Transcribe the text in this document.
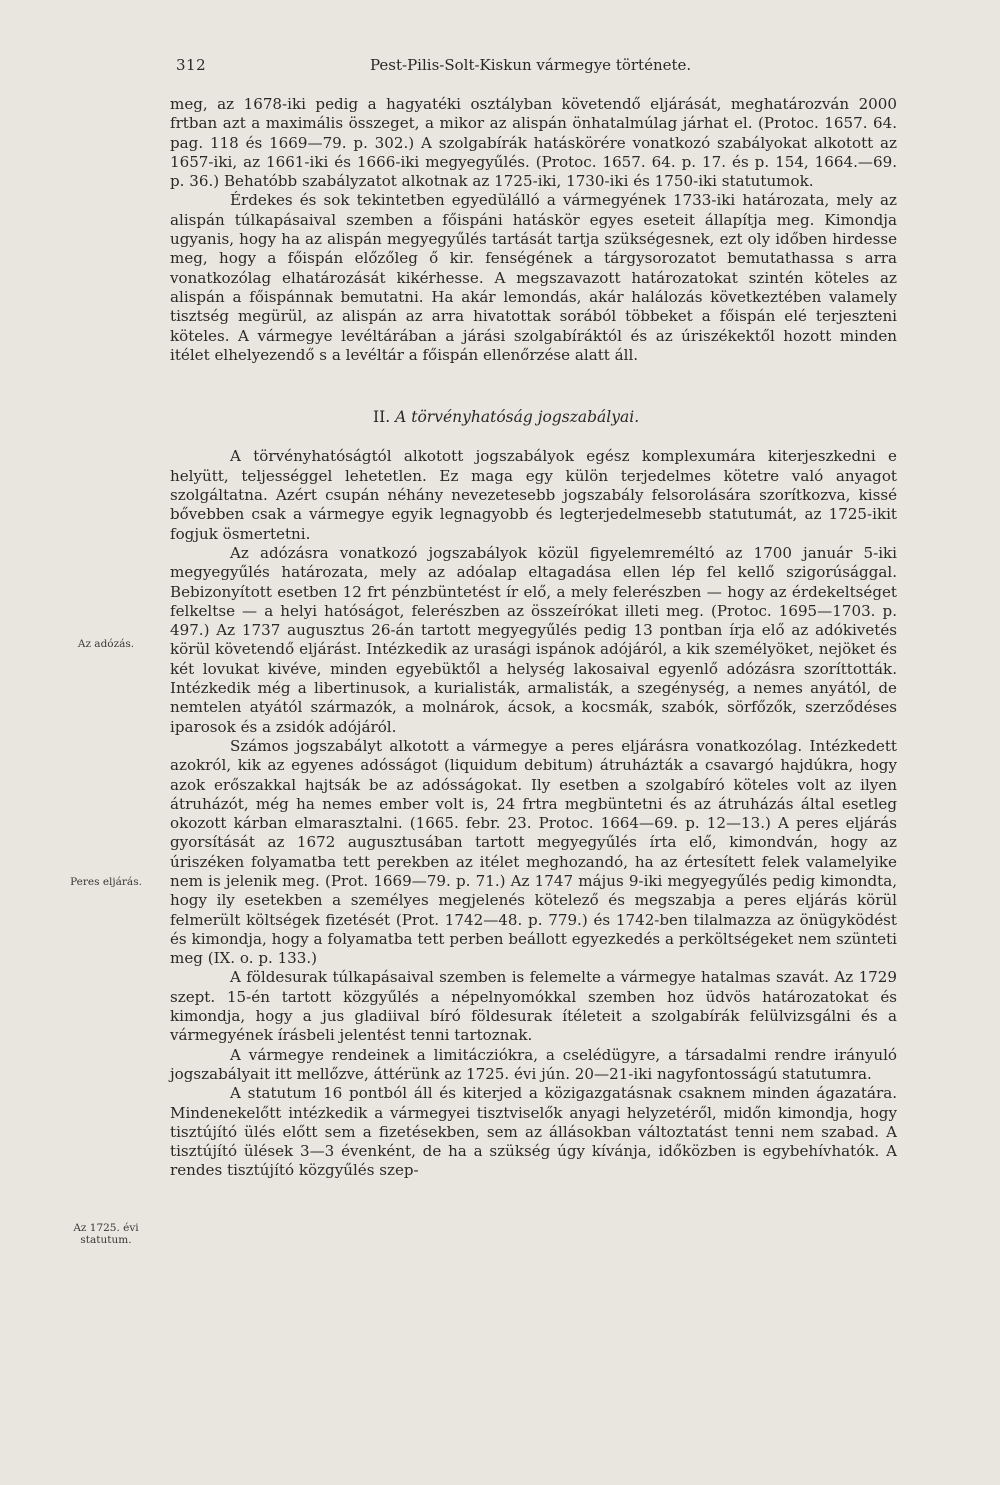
312	Pest-Pilis-Solt-Kiskun vármegye története.

meg, az 1678-iki pedig a hagyatéki osztályban követendő eljárását, meghatározván 2000 frtban azt a maximális összeget, a mikor az alispán önhatalmúlag járhat el. (Protoc. 1657. 64. pag. 118 és 1669—79. p. 302.) A szolgabírák hatáskörére vonatkozó szabályokat alkotott az 1657-iki, az 1661-iki és 1666-iki megyegyűlés. (Protoc. 1657. 64. p. 17. és p. 154, 1664.—69. p. 36.) Behatóbb szabályzatot alkotnak az 1725-iki, 1730-iki és 1750-iki statutumok.

Érdekes és sok tekintetben egyedülálló a vármegyének 1733-iki határozata, mely az alispán túlkapásaival szemben a főispáni hatáskör egyes eseteit állapítja meg. Kimondja ugyanis, hogy ha az alispán megyegyűlés tartását tartja szükségesnek, ezt oly időben hirdesse meg, hogy a főispán előzőleg ő kir. fenségének a tárgysorozatot bemutathassa s arra vonatkozólag elhatározását kikérhesse. A megszavazott határozatokat szintén köteles az alispán a főispánnak bemutatni. Ha akár lemondás, akár halálozás következtében valamely tisztség megürül, az alispán az arra hivatottak sorából többeket a főispán elé terjeszteni köteles. A vármegye levéltárában a járási szolgabíráktól és az úriszékektől hozott minden itélet elhelyezendő s a levéltár a főispán ellenőrzése alatt áll.

II. A törvényhatóság jogszabályai.

A törvényhatóságtól alkotott jogszabályok egész komplexumára kiterjeszkedni e helyütt, teljességgel lehetetlen. Ez maga egy külön terjedelmes kötetre való anyagot szolgáltatna. Azért csupán néhány nevezetesebb jogszabály felsorolására szorítkozva, kissé bővebben csak a vármegye egyik legnagyobb és legterjedelmesebb statutumát, az 1725-ikit fogjuk ösmertetni.

Az adózásra vonatkozó jogszabályok közül figyelemreméltó az 1700 január 5-iki megyegyűlés határozata, mely az adóalap eltagadása ellen lép fel kellő szigorúsággal. Bebizonyított esetben 12 frt pénzbüntetést ír elő, a mely felerészben — hogy az érdekeltséget felkeltse — a helyi hatóságot, felerészben az összeírókat illeti meg. (Protoc. 1695—1703. p. 497.) Az 1737 augusztus 26-án tartott megyegyűlés pedig 13 pontban írja elő az adókivetés körül követendő eljárást. Intézkedik az urasági ispánok adójáról, a kik személyöket, nejöket és két lovukat kivéve, minden egyebüktől a helység lakosaival egyenlő adózásra szoríttották. Intézkedik még a libertinusok, a kurialisták, armalisták, a szegénység, a nemes anyától, de nemtelen atyától származók, a molnárok, ácsok, a kocsmák, szabók, sörfőzők, szerződéses iparosok és a zsidók adójáról.

Számos jogszabályt alkotott a vármegye a peres eljárásra vonatkozólag. Intézkedett azokról, kik az egyenes adósságot (liquidum debitum) átruházták a csavargó hajdúkra, hogy azok erőszakkal hajtsák be az adósságokat. Ily esetben a szolgabíró köteles volt az ilyen átruházót, még ha nemes ember volt is, 24 frtra megbüntetni és az átruházás által esetleg okozott kárban elmarasztalni. (1665. febr. 23. Protoc. 1664—69. p. 12—13.) A peres eljárás gyorsítását az 1672 augusztusában tartott megyegyűlés írta elő, kimondván, hogy az úriszéken folyamatba tett perekben az itélet meghozandó, ha az értesített felek valamelyike nem is jelenik meg. (Prot. 1669—79. p. 71.) Az 1747 május 9-iki megyegyűlés pedig kimondta, hogy ily esetekben a személyes megjelenés kötelező és megszabja a peres eljárás körül felmerült költségek fizetését (Prot. 1742—48. p. 779.) és 1742-ben tilalmazza az önügyködést és kimondja, hogy a folyamatba tett perben beállott egyezkedés a perköltségeket nem szünteti meg (IX. o. p. 133.)

A földesurak túlkapásaival szemben is felemelte a vármegye hatalmas szavát. Az 1729 szept. 15-én tartott közgyűlés a népelnyomókkal szemben hoz üdvös határozatokat és kimondja, hogy a jus gladiival bíró földesurak ítéleteit a szolgabírák felülvizsgálni és a vármegyének írásbeli jelentést tenni tartoznak.

A vármegye rendeinek a limitácziókra, a cselédügyre, a társadalmi rendre irányuló jogszabályait itt mellőzve, áttérünk az 1725. évi jún. 20—21-iki nagyfontosságú statutumra.

A statutum 16 pontból áll és kiterjed a közigazgatásnak csaknem minden ágazatára. Mindenekelőtt intézkedik a vármegyei tisztviselők anyagi helyzetéről, midőn kimondja, hogy tisztújító ülés előtt sem a fizetésekben, sem az állásokban változtatást tenni nem szabad. A tisztújító ülések 3—3 évenként, de ha a szükség úgy kívánja, időközben is egybehívhatók. A rendes tisztújító közgyűlés szep-

Az adózás.
Peres eljárás.
Az 1725. évi statutum.
